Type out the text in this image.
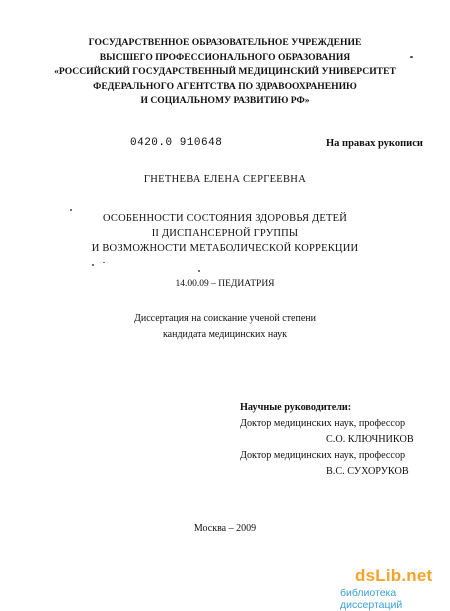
ГОСУДАРСТВЕННОЕ ОБРАЗОВАТЕЛЬНОЕ УЧРЕЖДЕНИЕ
ВЫСШЕГО ПРОФЕССИОНАЛЬНОГО ОБРАЗОВАНИЯ
«РОССИЙСКИЙ ГОСУДАРСТВЕННЫЙ МЕДИЦИНСКИЙ УНИВЕРСИТЕТ
ФЕДЕРАЛЬНОГО АГЕНТСТВА ПО ЗДРАВООХРАНЕНИЮ
И СОЦИАЛЬНОМУ РАЗВИТИЮ РФ»
0420.0 910648	На правах рукописи
ГНЕТНЕВА ЕЛЕНА СЕРГЕЕВНА
ОСОБЕННОСТИ СОСТОЯНИЯ ЗДОРОВЬЯ ДЕТЕЙ
II ДИСПАНСЕРНОЙ ГРУППЫ
И ВОЗМОЖНОСТИ МЕТАБОЛИЧЕСКОЙ КОРРЕКЦИИ
14.00.09 – ПЕДИАТРИЯ
Диссертация на соискание ученой степени
кандидата медицинских наук
Научные руководители:
Доктор медицинских наук, профессор
С.О. КЛЮЧНИКОВ
Доктор медицинских наук, профессор
В.С. СУХОРУКОВ
Москва – 2009
dsLib.net
библиотека диссертаций
